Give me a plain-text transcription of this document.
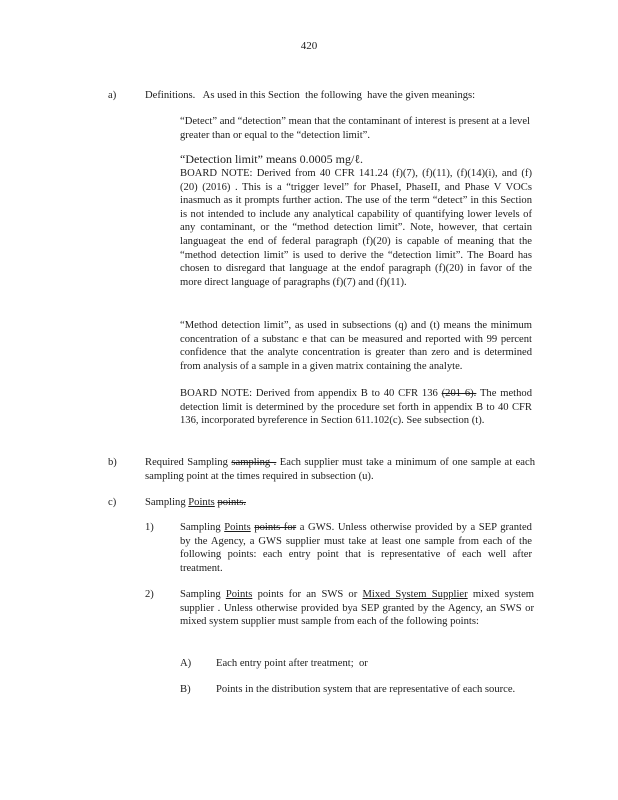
420
a)	Definitions.   As used in this Section  the following  have the given meanings:
“Detect” and “detection” mean that the contaminant of interest is present at a level greater than or equal to the “detection limit”.
“Detection limit” means 0.0005 mg/ℓ.
BOARD NOTE: Derived from 40 CFR 141.24 (f)(7), (f)(11), (f)(14)(i), and (f)(20) (2016) . This is a “trigger level” for PhaseI, PhaseII, and Phase V VOCs inasmuch as it prompts further action. The use of the term “detect” in this Section is not intended to include any analytical capability of quantifying lower levels of any contaminant, or the “method detection limit”. Note, however, that certain languageat the end of federal paragraph (f)(20) is capable of meaning that the “method detection limit” is used to derive the “detection limit”. The Board has chosen to disregard that language at the endof paragraph (f)(20) in favor of the more direct language of paragraphs (f)(7) and (f)(11).
“Method detection limit”, as used in subsections (q) and (t) means the minimum concentration of a substanc e that can be measured and reported with 99 percent confidence that the analyte concentration is greater than zero and is determined from analysis of a sample in a given matrix containing the analyte.
BOARD NOTE: Derived from appendix B to 40 CFR 136 (201 6). The method detection limit is determined by the procedure set forth in appendix B to 40 CFR 136, incorporated byreference in Section 611.102(c). See subsection (t).
b)	Required Sampling sampling . Each supplier must take a minimum of one sample at each sampling point at the times required in subsection (u).
c)	Sampling Points points.
1) Sampling Points points for a GWS. Unless otherwise provided by a SEP granted by the Agency, a GWS supplier must take at least one sample from each of the following points: each entry point that is representative of each well after treatment.
2) Sampling Points points for an SWS or Mixed System Supplier mixed system supplier . Unless otherwise provided bya SEP granted by the Agency, an SWS or mixed system supplier must sample from each of the following points:
A) Each entry point after treatment;  or
B) Points in the distribution system that are representative of each source.
